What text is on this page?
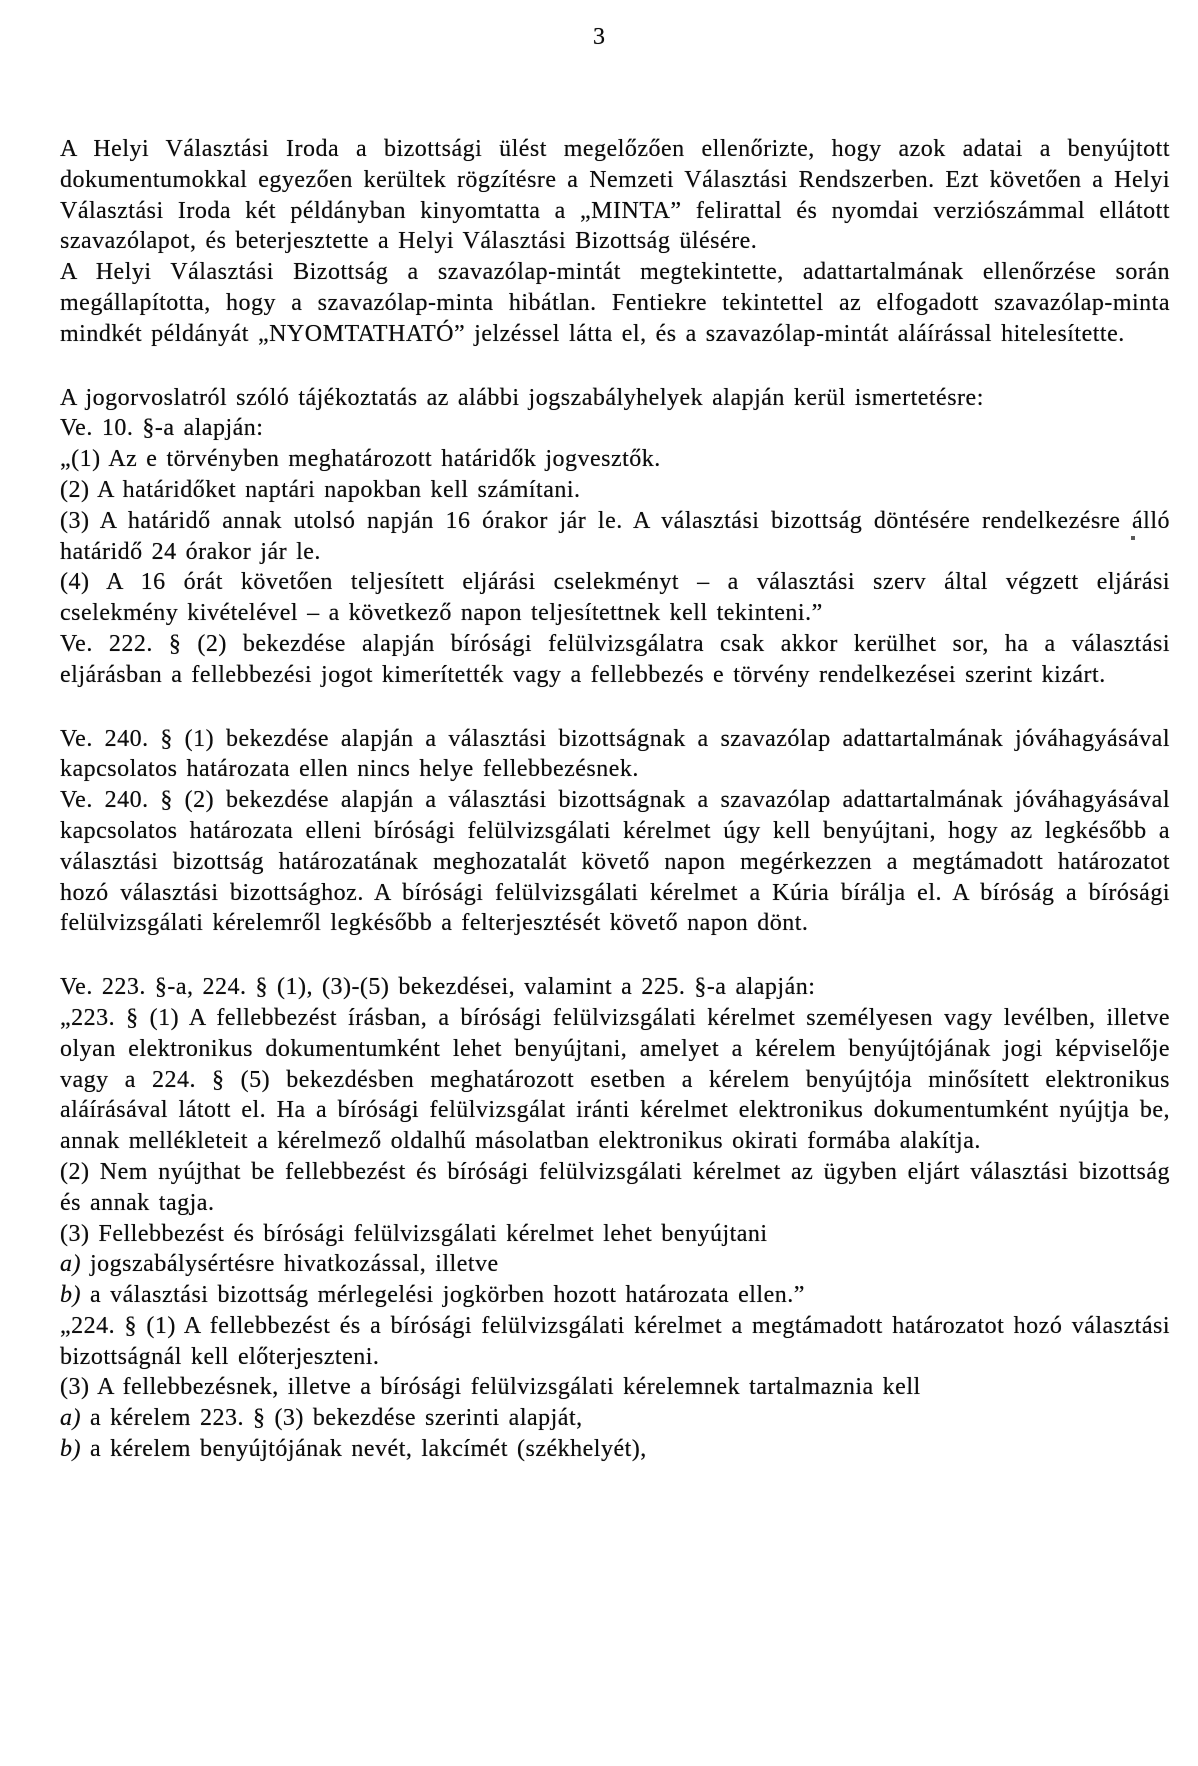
3

A Helyi Választási Iroda a bizottsági ülést megelőzően ellenőrizte, hogy azok adatai a benyújtott dokumentumokkal egyezően kerültek rögzítésre a Nemzeti Választási Rendszerben. Ezt követően a Helyi Választási Iroda két példányban kinyomtatta a „MINTA” felirattal és nyomdai verziószámmal ellátott szavazólapot, és beterjesztette a Helyi Választási Bizottság ülésére.

A Helyi Választási Bizottság a szavazólap-mintát megtekintette, adattartalmának ellenőrzése során megállapította, hogy a szavazólap-minta hibátlan. Fentiekre tekintettel az elfogadott szavazólap-minta mindkét példányát „NYOMTATHATÓ” jelzéssel látta el, és a szavazólap-mintát aláírással hitelesítette.

A jogorvoslatról szóló tájékoztatás az alábbi jogszabályhelyek alapján kerül ismertetésre:

Ve. 10. §-a alapján:

„(1) Az e törvényben meghatározott határidők jogvesztők.

(2) A határidőket naptári napokban kell számítani.

(3) A határidő annak utolsó napján 16 órakor jár le. A választási bizottság döntésére rendelkezésre álló határidő 24 órakor jár le.

(4) A 16 órát követően teljesített eljárási cselekményt – a választási szerv által végzett eljárási cselekmény kivételével – a következő napon teljesítettnek kell tekinteni.”

Ve. 222. § (2) bekezdése alapján bírósági felülvizsgálatra csak akkor kerülhet sor, ha a választási eljárásban a fellebbezési jogot kimerítették vagy a fellebbezés e törvény rendelkezései szerint kizárt.

Ve. 240. § (1) bekezdése alapján a választási bizottságnak a szavazólap adattartalmának jóváhagyásával kapcsolatos határozata ellen nincs helye fellebbezésnek.

Ve. 240. § (2) bekezdése alapján a választási bizottságnak a szavazólap adattartalmának jóváhagyásával kapcsolatos határozata elleni bírósági felülvizsgálati kérelmet úgy kell benyújtani, hogy az legkésőbb a választási bizottság határozatának meghozatalát követő napon megérkezzen a megtámadott határozatot hozó választási bizottsághoz. A bírósági felülvizsgálati kérelmet a Kúria bírálja el. A bíróság a bírósági felülvizsgálati kérelemről legkésőbb a felterjesztését követő napon dönt.

Ve. 223. §-a, 224. § (1), (3)-(5) bekezdései, valamint a 225. §-a alapján:

„223. § (1) A fellebbezést írásban, a bírósági felülvizsgálati kérelmet személyesen vagy levélben, illetve olyan elektronikus dokumentumként lehet benyújtani, amelyet a kérelem benyújtójának jogi képviselője vagy a 224. § (5) bekezdésben meghatározott esetben a kérelem benyújtója minősített elektronikus aláírásával látott el. Ha a bírósági felülvizsgálat iránti kérelmet elektronikus dokumentumként nyújtja be, annak mellékleteit a kérelmező oldalhű másolatban elektronikus okirati formába alakítja.

(2) Nem nyújthat be fellebbezést és bírósági felülvizsgálati kérelmet az ügyben eljárt választási bizottság és annak tagja.

(3) Fellebbezést és bírósági felülvizsgálati kérelmet lehet benyújtani

a) jogszabálysértésre hivatkozással, illetve

b) a választási bizottság mérlegelési jogkörben hozott határozata ellen.”

„224. § (1) A fellebbezést és a bírósági felülvizsgálati kérelmet a megtámadott határozatot hozó választási bizottságnál kell előterjeszteni.

(3) A fellebbezésnek, illetve a bírósági felülvizsgálati kérelemnek tartalmaznia kell

a) a kérelem 223. § (3) bekezdése szerinti alapját,

b) a kérelem benyújtójának nevét, lakcímét (székhelyét),
